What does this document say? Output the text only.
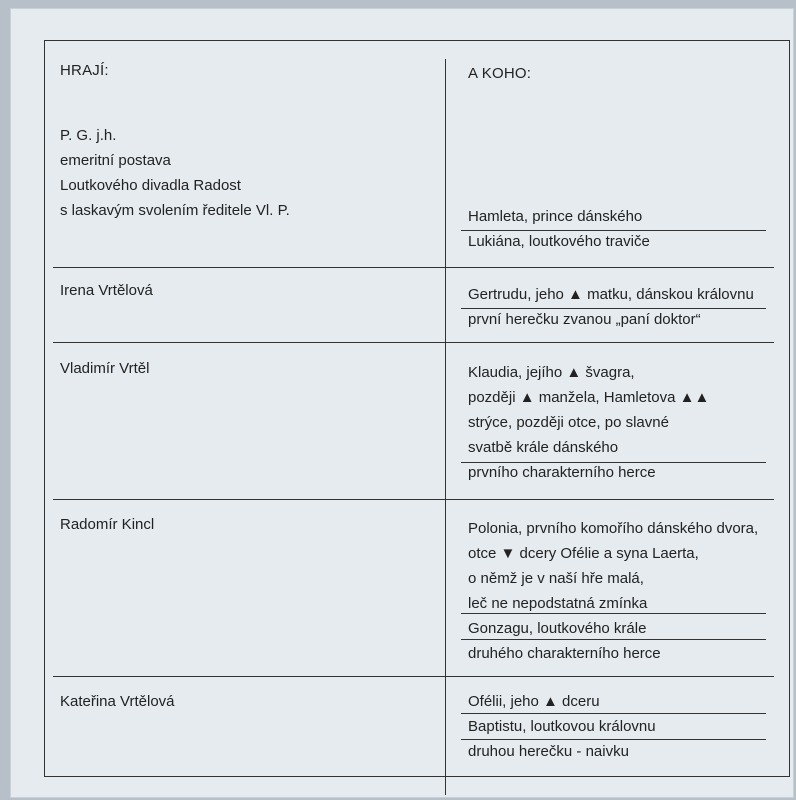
HRAJÍ:	A KOHO:
P. G. j.h.
emeritní postava
Loutkového divadla Radost
s laskavým svolením ředitele Vl. P.	Hamleta, prince dánského
Lukiána, loutkového traviče
Irena Vrtělová	Gertrudu, jeho ▲ matku, dánskou královnu
první herečku zvanou „paní doktor“
Vladimír Vrtěl	Klaudia, jejího ▲ švagra,
později ▲ manžela, Hamletova ▲▲
strýce, později otce, po slavné
svatbě krále dánského
prvního charakterního herce
Radomír Kincl	Polonia, prvního komořího dánského dvora,
otce ▼ dcery Ofélie a syna Laerta,
o němž je v naší hře malá,
leč ne nepodstatná zmínka
Gonzagu, loutkového krále
druhého charakterního herce
Kateřina Vrtělová	Ofélii, jeho ▲ dceru
Baptistu, loutkovou královnu
druhou herečku - naivku
